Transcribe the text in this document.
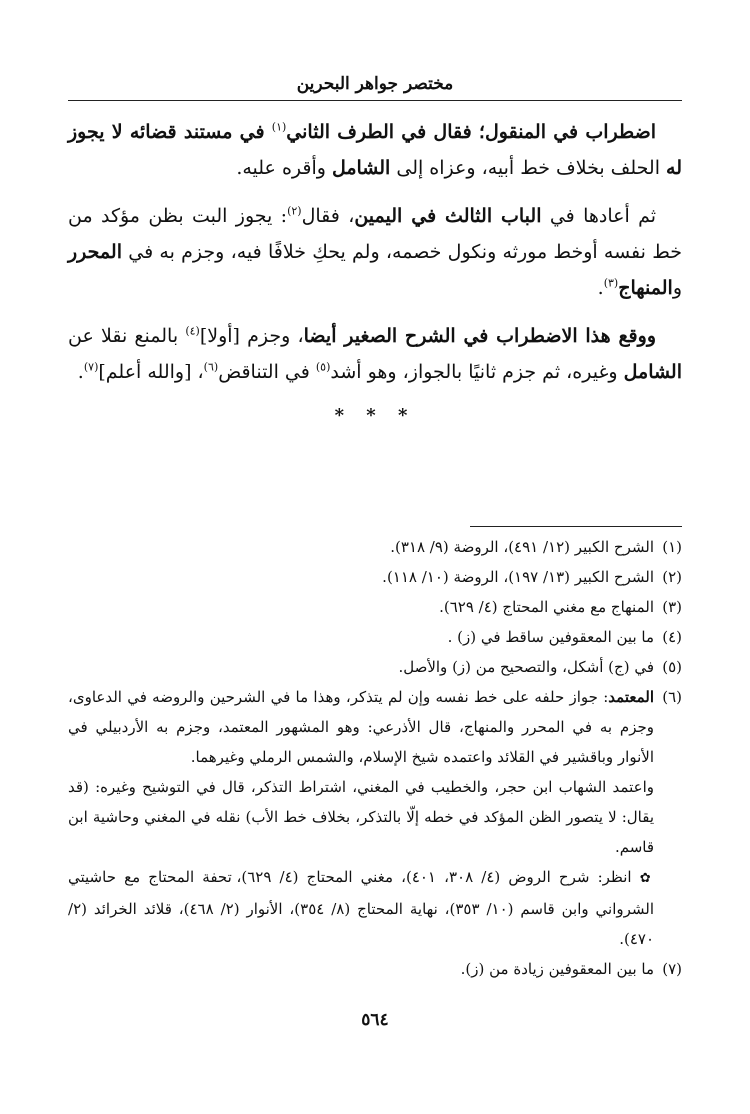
مختصر جواهر البحرين

اضطراب في المنقول؛ فقال في الطرف الثاني$^{(١)}$ في مستند قضائه لا يجوز له الحلف بخلاف خط أبيه، وعزاه إلى الشامل وأقره عليه.

ثم أعادها في الباب الثالث في اليمين، فقال$^{(٢)}$: يجوز البت بظن مؤكد من خط نفسه أوخط مورثه ونكول خصمه، ولم يحكِ خلافًا فيه، وجزم به في المحرر والمنهاج$^{(٣)}$.

ووقع هذا الاضطراب في الشرح الصغير أيضا، وجزم [أولا]$^{(٤)}$ بالمنع نقلا عن الشامل وغيره، ثم جزم ثانيًا بالجواز، وهو أشد$^{(٥)}$ في التناقض$^{(٦)}$، [والله أعلم]$^{(٧)}$.

* * *
(١)

الشرح الكبير (١٢/ ٤٩١)، الروضة (٩/ ٣١٨).

(٢)

الشرح الكبير (١٣/ ١٩٧)، الروضة (١٠/ ١١٨).

(٣)

المنهاج مع مغني المحتاج (٤/ ٦٢٩).

(٤)

ما بين المعقوفين ساقط في (ز) .

(٥)

في (ج) أشكل، والتصحيح من (ز) والأصل.

(٦)

المعتمد: جواز حلفه على خط نفسه وإن لم يتذكر، وهذا ما في الشرحين والروضه في الدعاوى، وجزم به في المحرر والمنهاج، قال الأذرعي: وهو المشهور المعتمد، وجزم به الأردبيلي في الأنوار وباقشير في القلائد واعتمده شيخ الإسلام، والشمس الرملي وغيرهما.

واعتمد الشهاب ابن حجر، والخطيب في المغني، اشتراط التذكر، قال في التوشيح وغيره: (قد يقال: لا يتصور الظن المؤكد في خطه إلّا بالتذكر، بخلاف خط الأب) نقله في المغني وحاشية ابن قاسم.

✿ انظر: شرح الروض (٤/ ٣٠٨، ٤٠١)، مغني المحتاج (٤/ ٦٢٩)، تحفة المحتاج مع حاشيتي الشرواني وابن قاسم (١٠/ ٣٥٣)، نهاية المحتاج (٨/ ٣٥٤)، الأنوار (٢/ ٤٦٨)، قلائد الخرائد (٢/ ٤٧٠).

(٧)

ما بين المعقوفين زيادة من (ز).

٥٦٤
